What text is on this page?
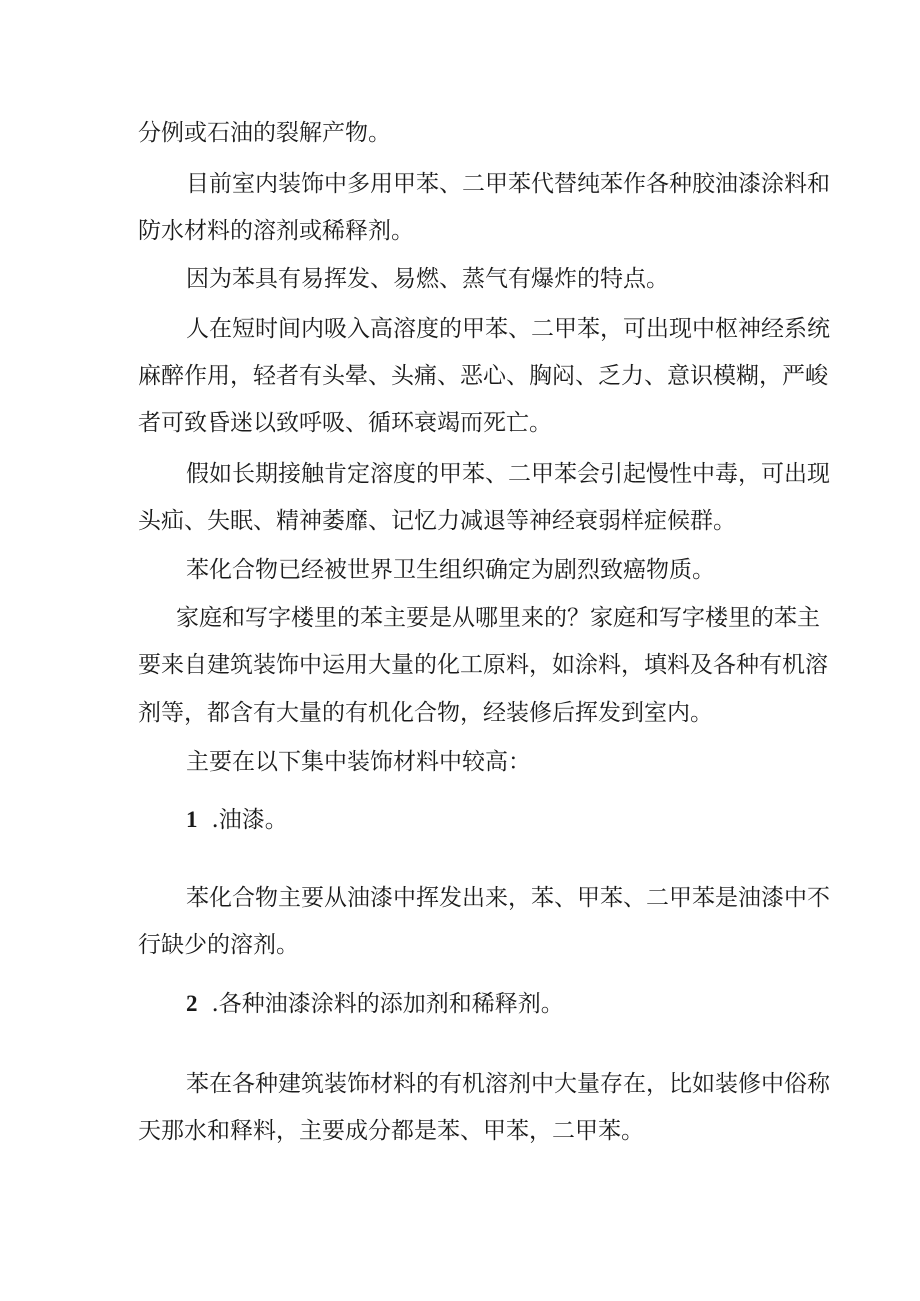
分例或石油的裂解产物。
目前室内装饰中多用甲苯、二甲苯代替纯苯作各种胶油漆涂料和
防水材料的溶剂或稀释剂。
因为苯具有易挥发、易燃、蒸气有爆炸的特点。
人在短时间内吸入高溶度的甲苯、二甲苯，可出现中枢神经系统
麻醉作用，轻者有头晕、头痛、恶心、胸闷、乏力、意识模糊，严峻
者可致昏迷以致呼吸、循环衰竭而死亡。
假如长期接触肯定溶度的甲苯、二甲苯会引起慢性中毒，可出现
头疝、失眠、精神萎靡、记忆力减退等神经衰弱样症候群。
苯化合物已经被世界卫生组织确定为剧烈致癌物质。
家庭和写字楼里的苯主要是从哪里来的？家庭和写字楼里的苯主
要来自建筑装饰中运用大量的化工原料，如涂料，填料及各种有机溶
剂等，都含有大量的有机化合物，经装修后挥发到室内。
主要在以下集中装饰材料中较高：
1 .油漆。
苯化合物主要从油漆中挥发出来，苯、甲苯、二甲苯是油漆中不
行缺少的溶剂。
2 .各种油漆涂料的添加剂和稀释剂。
苯在各种建筑装饰材料的有机溶剂中大量存在，比如装修中俗称
天那水和释料，主要成分都是苯、甲苯，二甲苯。
